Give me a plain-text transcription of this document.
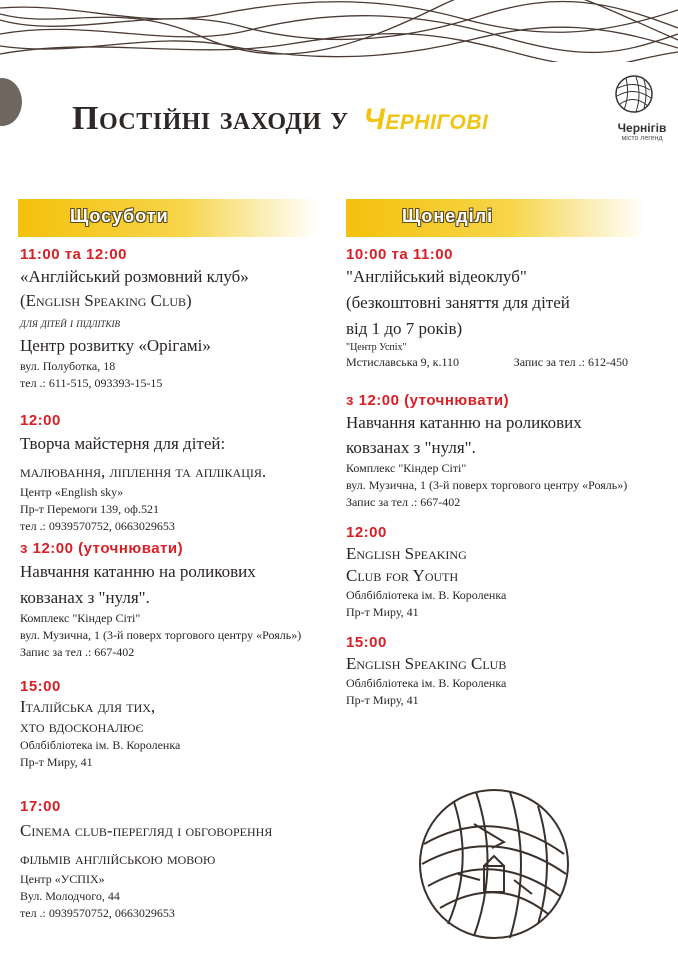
Постійні заходи у Чернігові	Чернігів
місто легенд
Щосуботи
11:00 та 12:00
«Англійський розмовний клуб»
(English Speaking Club)
для дітей і підлітків
Центр розвитку «Орігамі»
вул. Полуботка, 18
тел .: 611-515, 093393-15-15
12:00
Творча майстерня для дітей:
малювання, ліплення та аплікація.
Центр «English sky»
Пр-т Перемоги 139, оф.521
тел .: 0939570752, 0663029653
з 12:00 (уточнювати)
Навчання катанню на роликових
ковзанах з "нуля".
Комплекс "Кіндер Сіті"
вул. Музична, 1 (3-й поверх торгового центру «Рояль»)
Запис за тел .: 667-402
15:00
Італійська для тих,
хто вдосконалює
Облбібліотека ім. В. Короленка
Пр-т Миру, 41
17:00
Cinema club-перегляд і обговорення
фільмів англійською мовою
Центр «УСПІХ»
Вул. Молодчого, 44
тел .: 0939570752, 0663029653
Щонеділі
10:00 та 11:00
"Англійський відеоклуб"
(безкоштовні заняття для дітей
від 1 до 7 років)
"Центр Успіх"
Мстиславська 9, к.110	Запис за тел .: 612-450
з 12:00 (уточнювати)
Навчання катанню на роликових
ковзанах з "нуля".
Комплекс "Кіндер Сіті"
вул. Музична, 1 (3-й поверх торгового центру «Рояль»)
Запис за тел .: 667-402
12:00
English Speaking
Club for Youth
Облбібліотека ім. В. Короленка
Пр-т Миру, 41
15:00
English Speaking Club
Облбібліотека ім. В. Короленка
Пр-т Миру, 41
